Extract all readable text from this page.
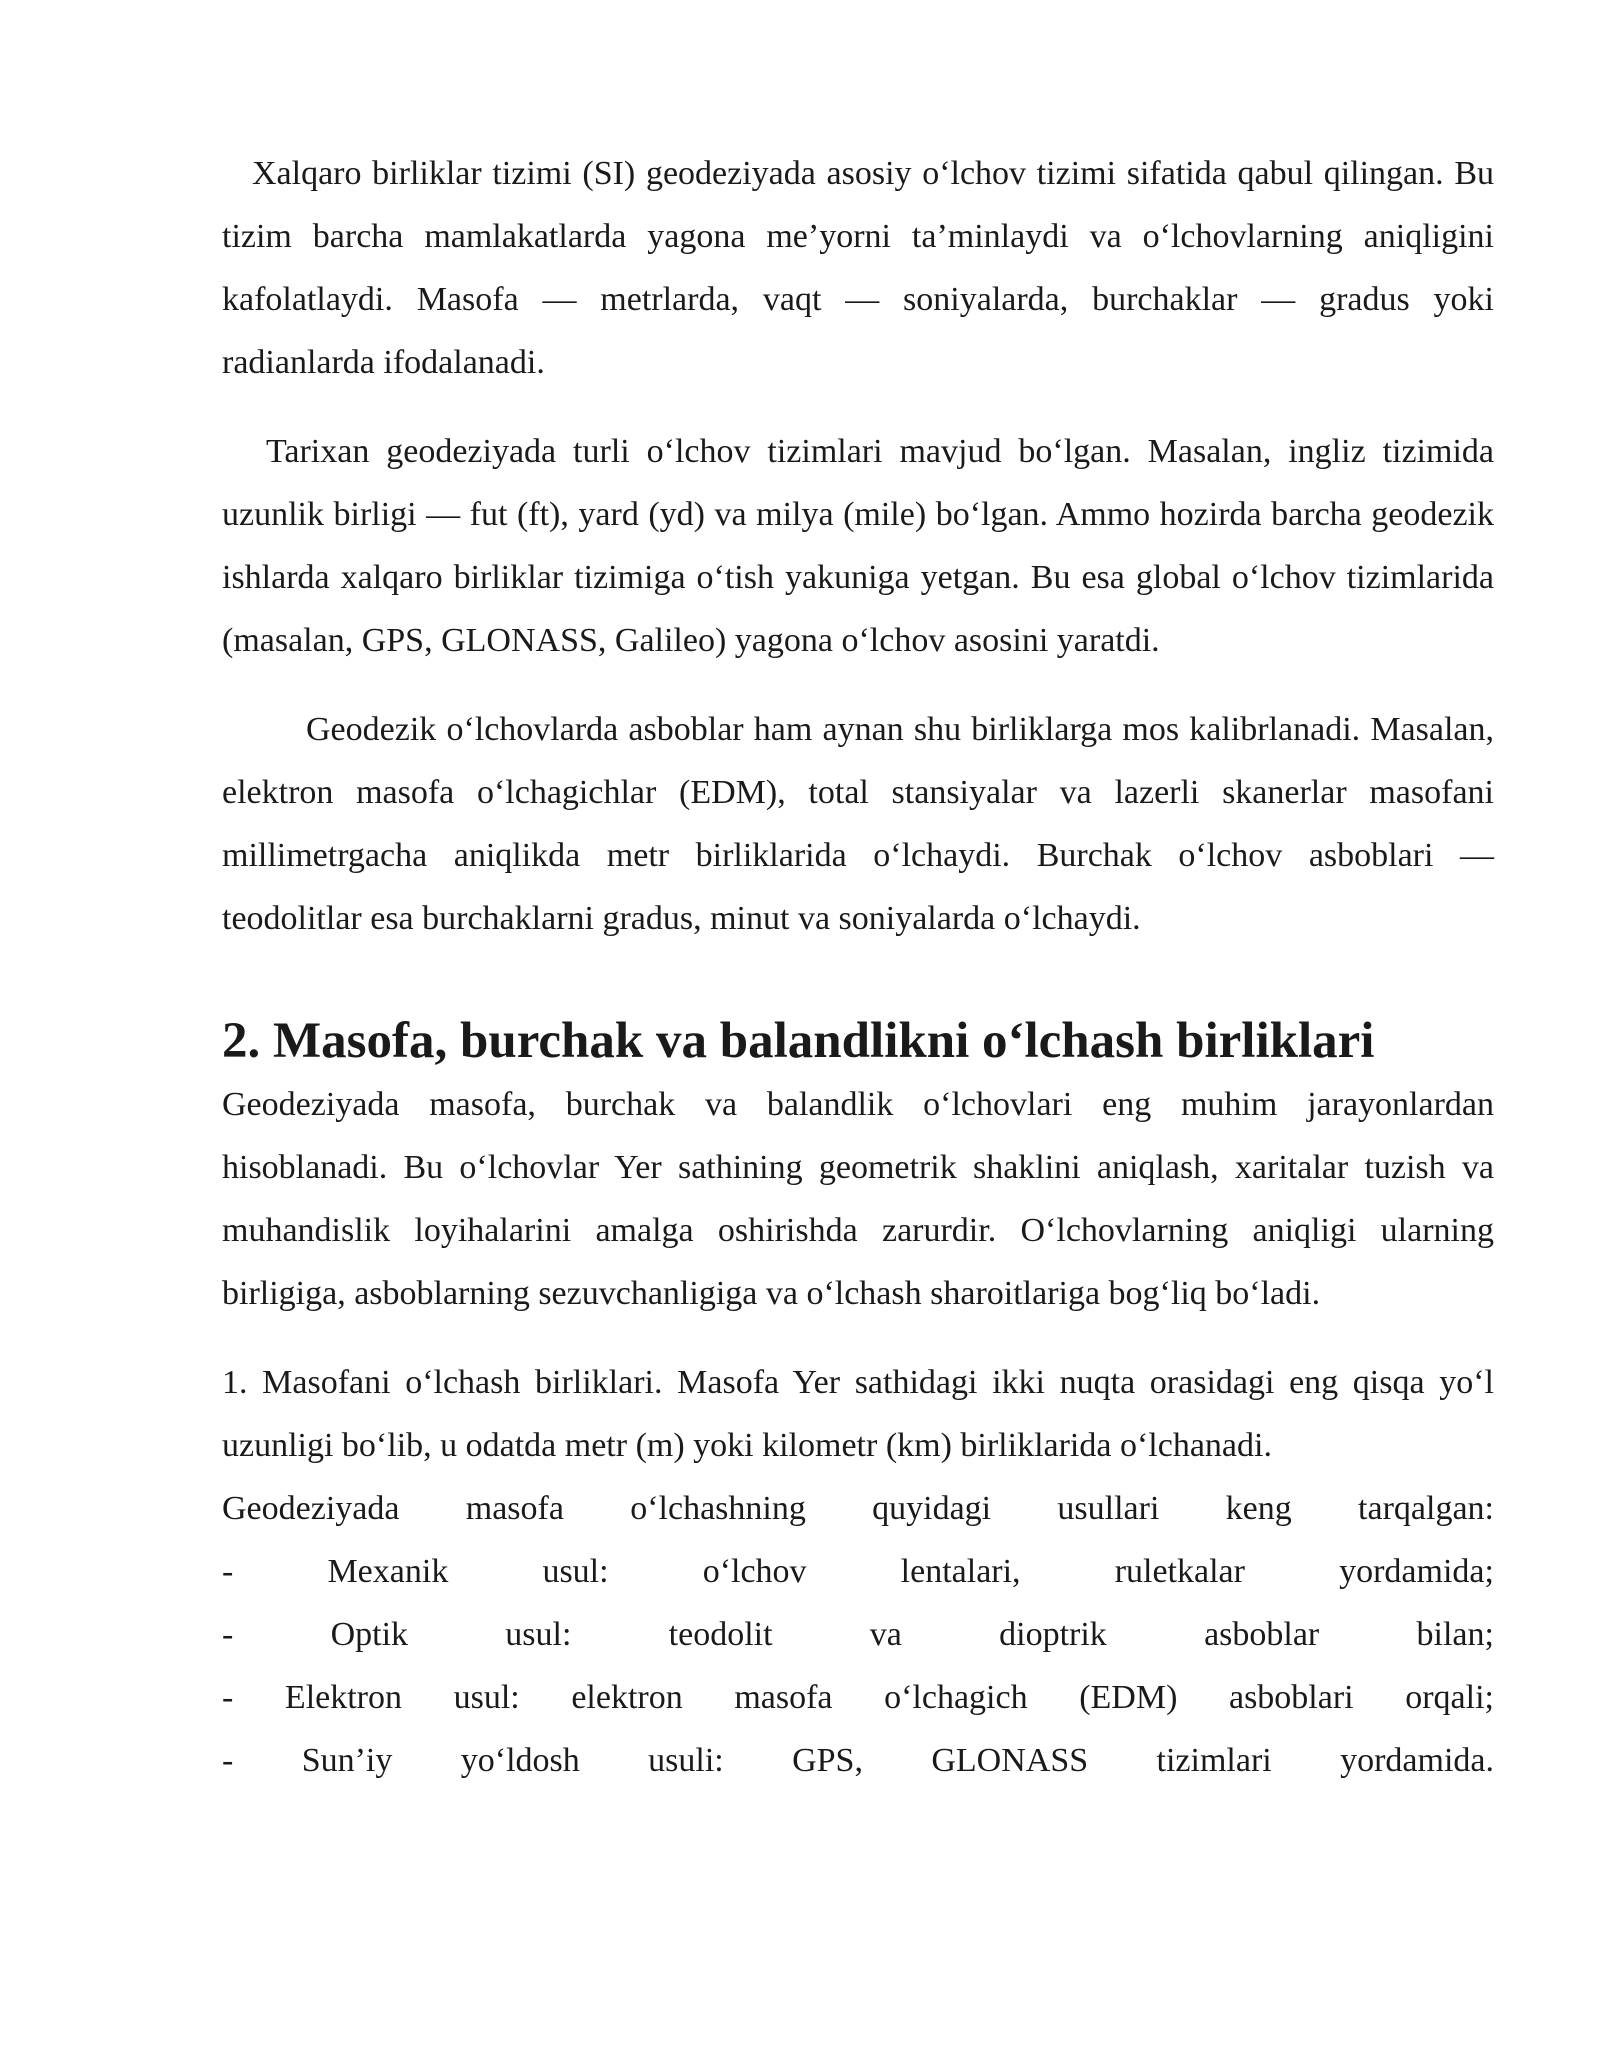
Xalqaro birliklar tizimi (SI) geodeziyada asosiy o‘lchov tizimi sifatida qabul qilingan. Bu tizim barcha mamlakatlarda yagona me’yorni ta’minlaydi va o‘lchovlarning aniqligini kafolatlaydi. Masofa — metrlarda, vaqt — soniyalarda, burchaklar — gradus yoki radianlarda ifodalanadi.

Tarixan geodeziyada turli o‘lchov tizimlari mavjud bo‘lgan. Masalan, ingliz tizimida uzunlik birligi — fut (ft), yard (yd) va milya (mile) bo‘lgan. Ammo hozirda barcha geodezik ishlarda xalqaro birliklar tizimiga o‘tish yakuniga yetgan. Bu esa global o‘lchov tizimlarida (masalan, GPS, GLONASS, Galileo) yagona o‘lchov asosini yaratdi.

Geodezik o‘lchovlarda asboblar ham aynan shu birliklarga mos kalibrlanadi. Masalan, elektron masofa o‘lchagichlar (EDM), total stansiyalar va lazerli skanerlar masofani millimetrgacha aniqlikda metr birliklarida o‘lchaydi. Burchak o‘lchov asboblari — teodolitlar esa burchaklarni gradus, minut va soniyalarda o‘lchaydi.

2. Masofa, burchak va balandlikni o‘lchash birliklari

Geodeziyada masofa, burchak va balandlik o‘lchovlari eng muhim jarayonlardan hisoblanadi. Bu o‘lchovlar Yer sathining geometrik shaklini aniqlash, xaritalar tuzish va muhandislik loyihalarini amalga oshirishda zarurdir. O‘lchovlarning aniqligi ularning birligiga, asboblarning sezuvchanligiga va o‘lchash sharoitlariga bog‘liq bo‘ladi.

1. Masofani o‘lchash birliklari. Masofa Yer sathidagi ikki nuqta orasidagi eng qisqa yo‘l uzunligi bo‘lib, u odatda metr (m) yoki kilometr (km) birliklarida o‘lchanadi.

Geodeziyada masofa o‘lchashning quyidagi usullari keng tarqalgan:

-	Mexanik	usul:	o‘lchov	lentalari,	ruletkalar	yordamida;
-	Optik	usul:	teodolit	va	dioptrik	asboblar	bilan;
- Elektron usul: elektron masofa o‘lchagich (EDM) asboblari orqali;
- Sun’iy yo‘ldosh usuli: GPS, GLONASS tizimlari yordamida.
